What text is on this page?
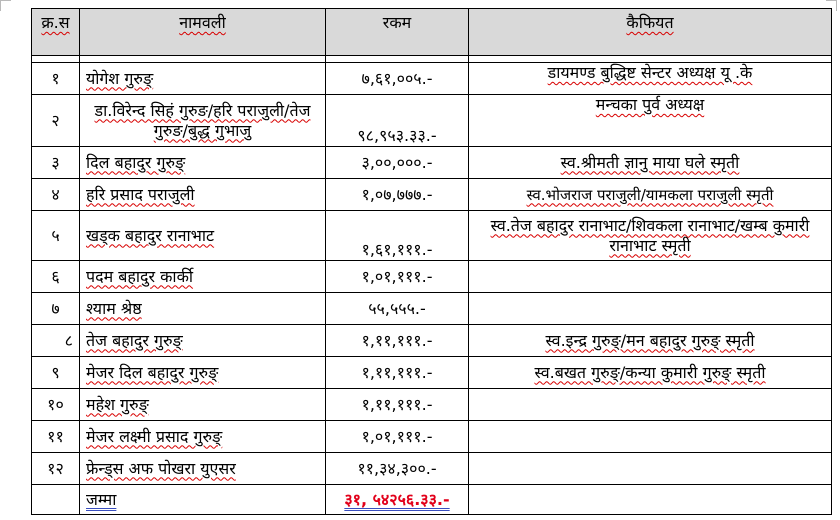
क्र.स	नामवली	रकम	कैफियत

१	योगेश गुरुङ्	७,६१,००५.-	डायमण्ड बुद्धिष्ट सेन्टर अध्यक्ष यू .के
२	डा.विरेन्द सिहं गुरुङ/हरि पराजुली/तेज गुरुङ/बुद्ध गुभाजु	९८,९५३.३३.-	मन्चका पुर्व अध्यक्ष
३	दिल बहादुर गुरुङ्	३,००,०००.-	स्व.श्रीमती ज्ञानु माया घले स्मृती
४	हरि प्रसाद पराजुली	१,०७,७७७.-	स्व.भोजराज पराजुली/यामकला पराजुली स्मृती
५	खड्क बहादुर रानाभाट	१,६१,१११.-	स्व.तेज बहादुर रानाभाट/शिवकला रानाभाट/खम्ब कुमारी रानाभाट स्मृती
६	पदम बहादुर कार्की	१,०१,१११.-	
७	श्याम श्रेष्ठ	५५,५५५.-	
८	तेज बहादुर गुरुङ्	१,११,१११.-	स्व.इन्द्र गुरुङ्/मन बहादुर गुरुङ् स्मृती
९	मेजर दिल बहादुर गुरुङ्	१,११,१११.-	स्व.बखत गुरुङ्/कन्या कुमारी गुरुङ् स्मृती
१०	महेश गुरुङ्	१,११,१११.-	
११	मेजर लक्ष्मी प्रसाद गुरुङ्	१,०१,१११.-	
१२	फ्रेन्ड्स अफ पोखरा युएसर	११,३४,३००.-	
	जम्मा	३१, ५४२५६.३३.-	
